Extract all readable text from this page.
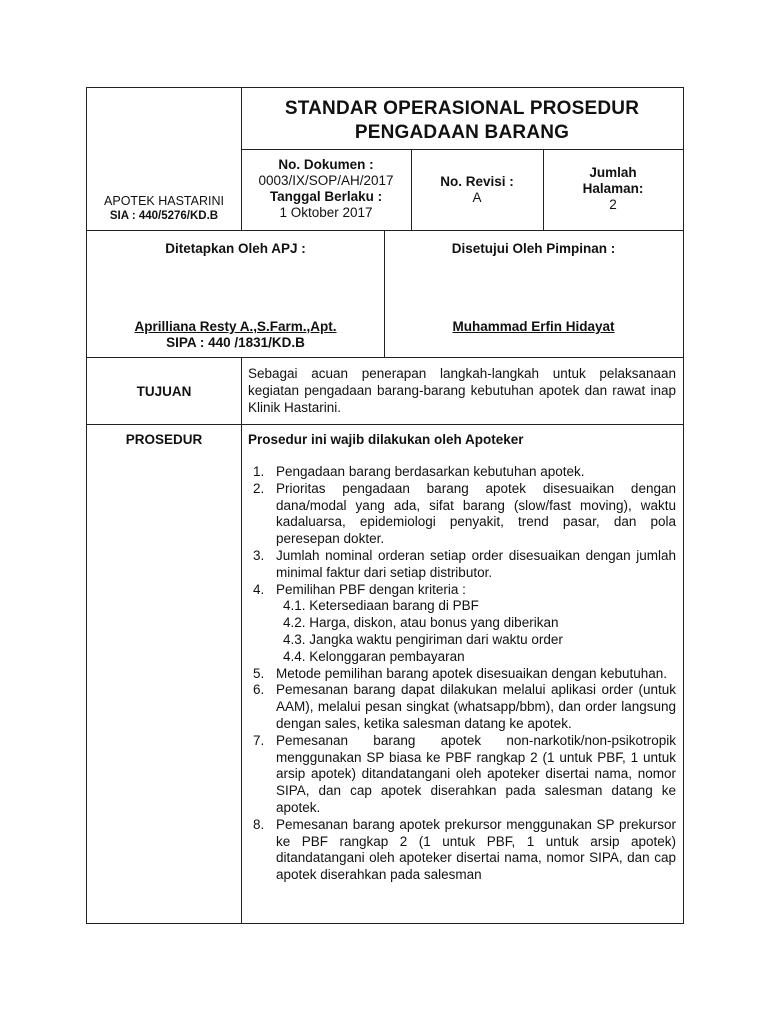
APOTEK HASTARINI
SIA : 440/5276/KD.B
STANDAR OPERASIONAL PROSEDUR
PENGADAAN BARANG
No. Dokumen :
0003/IX/SOP/AH/2017
Tanggal Berlaku :
1 Oktober 2017
No. Revisi :
A
Jumlah
Halaman:
2
Ditetapkan Oleh APJ :
Aprilliana Resty A.,S.Farm.,Apt.
SIPA : 440 /1831/KD.B
Disetujui Oleh Pimpinan :
Muhammad Erfin Hidayat
TUJUAN
Sebagai acuan penerapan langkah-langkah untuk pelaksanaan kegiatan pengadaan barang-barang kebutuhan apotek dan rawat inap Klinik Hastarini.
PROSEDUR	Prosedur ini wajib dilakukan oleh Apoteker
1. Pengadaan barang berdasarkan kebutuhan apotek.
2. Prioritas pengadaan barang apotek disesuaikan dengan dana/modal yang ada, sifat barang (slow/fast moving), waktu kadaluarsa, epidemiologi penyakit, trend pasar, dan pola peresepan dokter.
3. Jumlah nominal orderan setiap order disesuaikan dengan jumlah minimal faktur dari setiap distributor.
4. Pemilihan PBF dengan kriteria :
4.1. Ketersediaan barang di PBF
4.2. Harga, diskon, atau bonus yang diberikan
4.3. Jangka waktu pengiriman dari waktu order
4.4. Kelonggaran pembayaran
5. Metode pemilihan barang apotek disesuaikan dengan kebutuhan.
6. Pemesanan barang dapat dilakukan melalui aplikasi order (untuk AAM), melalui pesan singkat (whatsapp/bbm), dan order langsung dengan sales, ketika salesman datang ke apotek.
7. Pemesanan barang apotek non-narkotik/non-psikotropik menggunakan SP biasa ke PBF rangkap 2 (1 untuk PBF, 1 untuk arsip apotek) ditandatangani oleh apoteker disertai nama, nomor SIPA, dan cap apotek diserahkan pada salesman datang ke apotek.
8. Pemesanan barang apotek prekursor menggunakan SP prekursor ke PBF rangkap 2 (1 untuk PBF, 1 untuk arsip apotek) ditandatangani oleh apoteker disertai nama, nomor SIPA, dan cap apotek diserahkan pada salesman
